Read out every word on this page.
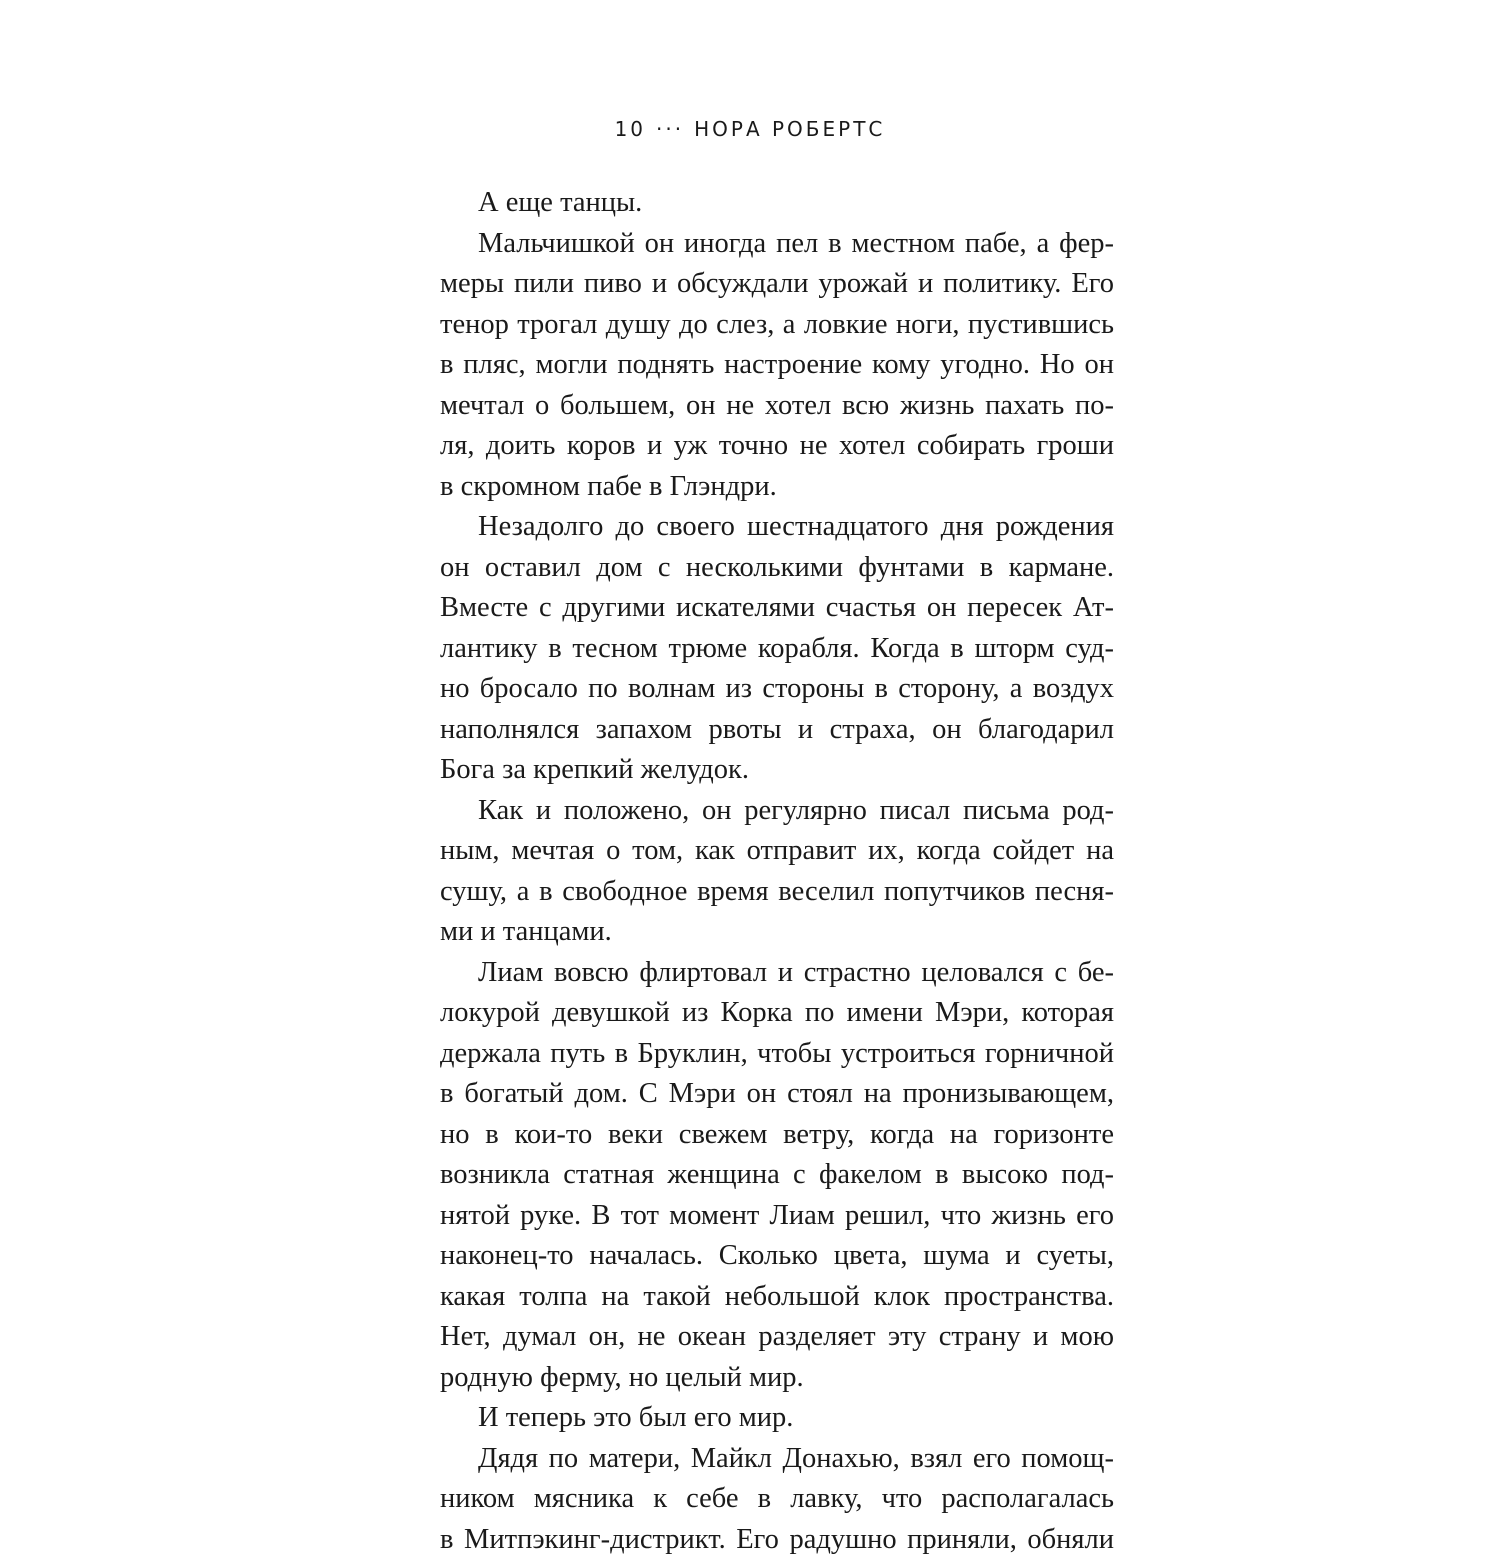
10 ··· НОРА РОБЕРТС
А еще танцы.
Мальчишкой он иногда пел в местном пабе, а фер-
меры пили пиво и обсуждали урожай и политику. Его
тенор трогал душу до слез, а ловкие ноги, пустившись
в пляс, могли поднять настроение кому угодно. Но он
мечтал о большем, он не хотел всю жизнь пахать по-
ля, доить коров и уж точно не хотел собирать гроши
в скромном пабе в Глэндри.
Незадолго до своего шестнадцатого дня рождения
он оставил дом с несколькими фунтами в кармане.
Вместе с другими искателями счастья он пересек Ат-
лантику в тесном трюме корабля. Когда в шторм суд-
но бросало по волнам из стороны в сторону, а воздух
наполнялся запахом рвоты и страха, он благодарил
Бога за крепкий желудок.
Как и положено, он регулярно писал письма род-
ным, мечтая о том, как отправит их, когда сойдет на
сушу, а в свободное время веселил попутчиков песня-
ми и танцами.
Лиам вовсю флиртовал и страстно целовался с бе-
локурой девушкой из Корка по имени Мэри, которая
держала путь в Бруклин, чтобы устроиться горничной
в богатый дом. С Мэри он стоял на пронизывающем,
но в кои-то веки свежем ветру, когда на горизонте
возникла статная женщина с факелом в высоко под-
нятой руке. В тот момент Лиам решил, что жизнь его
наконец-то началась. Сколько цвета, шума и суеты,
какая толпа на такой небольшой клок пространства.
Нет, думал он, не океан разделяет эту страну и мою
родную ферму, но целый мир.
И теперь это был его мир.
Дядя по матери, Майкл Донахью, взял его помощ-
ником мясника к себе в лавку, что располагалась
в Митпэкинг-дистрикт. Его радушно приняли, обняли
